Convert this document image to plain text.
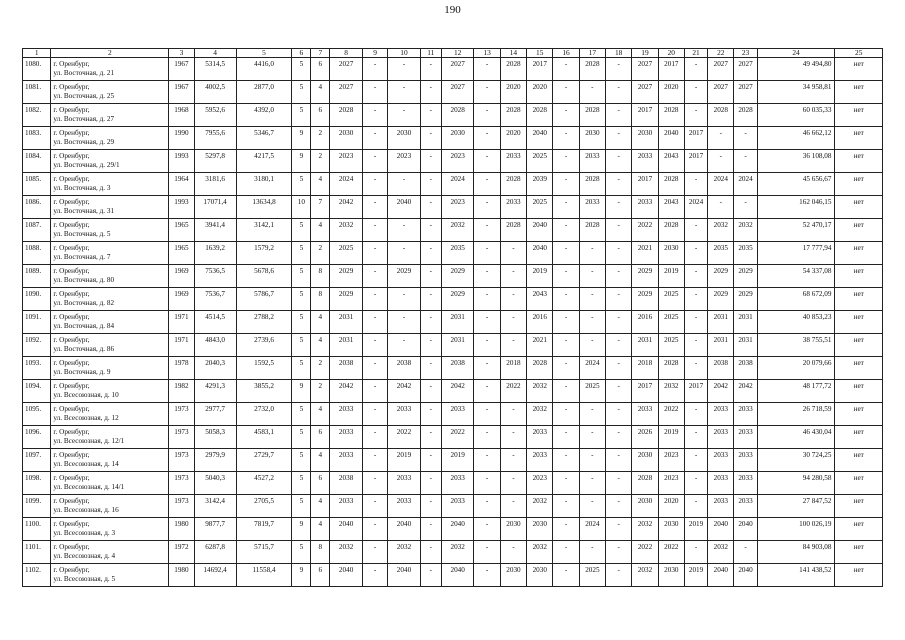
190
1	2	3	4	5	6	7	8	9	10	11	12	13	14	15	16	17	18	19	20	21	22	23	24	25
1080.	г. Оренбург,
ул. Восточная, д. 21	1967	5314,5	4416,0	5	6	2027	-	-	-	2027	-	2028	2017	-	2028	-	2027	2017	-	2027	2027	49 494,80	нет
1081.	г. Оренбург,
ул. Восточная, д. 25	1967	4002,5	2877,0	5	4	2027	-	-	-	2027	-	2020	2020	-	-	-	2027	2020	-	2027	2027	34 958,81	нет
1082.	г. Оренбург,
ул. Восточная, д. 27	1968	5952,6	4392,0	5	6	2028	-	-	-	2028	-	2028	2028	-	2028	-	2017	2028	-	2028	2028	60 035,33	нет
1083.	г. Оренбург,
ул. Восточная, д. 29	1990	7955,6	5346,7	9	2	2030	-	2030	-	2030	-	2020	2040	-	2030	-	2030	2040	2017	-	-	46 662,12	нет
1084.	г. Оренбург,
ул. Восточная, д. 29/1	1993	5297,8	4217,5	9	2	2023	-	2023	-	2023	-	2033	2025	-	2033	-	2033	2043	2017	-	-	36 108,08	нет
1085.	г. Оренбург,
ул. Восточная, д. 3	1964	3181,6	3180,1	5	4	2024	-	-	-	2024	-	2028	2039	-	2028	-	2017	2028	-	2024	2024	45 656,67	нет
1086.	г. Оренбург,
ул. Восточная, д. 31	1993	17071,4	13634,8	10	7	2042	-	2040	-	2023	-	2033	2025	-	2033	-	2033	2043	2024	-	-	162 046,15	нет
1087.	г. Оренбург,
ул. Восточная, д. 5	1965	3941,4	3142,1	5	4	2032	-	-	-	2032	-	2028	2040	-	2028	-	2022	2028	-	2032	2032	52 470,17	нет
1088.	г. Оренбург,
ул. Восточная, д. 7	1965	1639,2	1579,2	5	2	2025	-	-	-	2035	-	-	2040	-	-	-	2021	2030	-	2035	2035	17 777,94	нет
1089.	г. Оренбург,
ул. Восточная, д. 80	1969	7536,5	5678,6	5	8	2029	-	2029	-	2029	-	-	2019	-	-	-	2029	2019	-	2029	2029	54 337,08	нет
1090.	г. Оренбург,
ул. Восточная, д. 82	1969	7536,7	5786,7	5	8	2029	-	-	-	2029	-	-	2043	-	-	-	2029	2025	-	2029	2029	68 672,09	нет
1091.	г. Оренбург,
ул. Восточная, д. 84	1971	4514,5	2788,2	5	4	2031	-	-	-	2031	-	-	2016	-	-	-	2016	2025	-	2031	2031	40 853,23	нет
1092.	г. Оренбург,
ул. Восточная, д. 86	1971	4843,0	2739,6	5	4	2031	-	-	-	2031	-	-	2021	-	-	-	2031	2025	-	2031	2031	38 755,51	нет
1093.	г. Оренбург,
ул. Восточная, д. 9	1978	2040,3	1592,5	5	2	2038	-	2038	-	2038	-	2018	2028	-	2024	-	2018	2028	-	2038	2038	20 079,66	нет
1094.	г. Оренбург,
ул. Всесоюзная, д. 10	1982	4291,3	3855,2	9	2	2042	-	2042	-	2042	-	2022	2032	-	2025	-	2017	2032	2017	2042	2042	48 177,72	нет
1095.	г. Оренбург,
ул. Всесоюзная, д. 12	1973	2977,7	2732,0	5	4	2033	-	2033	-	2033	-	-	2032	-	-	-	2033	2022	-	2033	2033	26 718,59	нет
1096.	г. Оренбург,
ул. Всесоюзная, д. 12/1	1973	5058,3	4583,1	5	6	2033	-	2022	-	2022	-	-	2033	-	-	-	2026	2019	-	2033	2033	46 430,04	нет
1097.	г. Оренбург,
ул. Всесоюзная, д. 14	1973	2979,9	2729,7	5	4	2033	-	2019	-	2019	-	-	2033	-	-	-	2030	2023	-	2033	2033	30 724,25	нет
1098.	г. Оренбург,
ул. Всесоюзная, д. 14/1	1973	5040,3	4527,2	5	6	2038	-	2033	-	2033	-	-	2023	-	-	-	2028	2023	-	2033	2033	94 280,58	нет
1099.	г. Оренбург,
ул. Всесоюзная, д. 16	1973	3142,4	2705,5	5	4	2033	-	2033	-	2033	-	-	2032	-	-	-	2030	2020	-	2033	2033	27 847,52	нет
1100.	г. Оренбург,
ул. Всесоюзная, д. 3	1980	9877,7	7819,7	9	4	2040	-	2040	-	2040	-	2030	2030	-	2024	-	2032	2030	2019	2040	2040	100 026,19	нет
1101.	г. Оренбург,
ул. Всесоюзная, д. 4	1972	6287,8	5715,7	5	8	2032	-	2032	-	2032	-	-	2032	-	-	-	2022	2022	-	2032	-	84 903,08	нет
1102.	г. Оренбург,
ул. Всесоюзная, д. 5	1980	14692,4	11558,4	9	6	2040	-	2040	-	2040	-	2030	2030	-	2025	-	2032	2030	2019	2040	2040	141 438,52	нет
